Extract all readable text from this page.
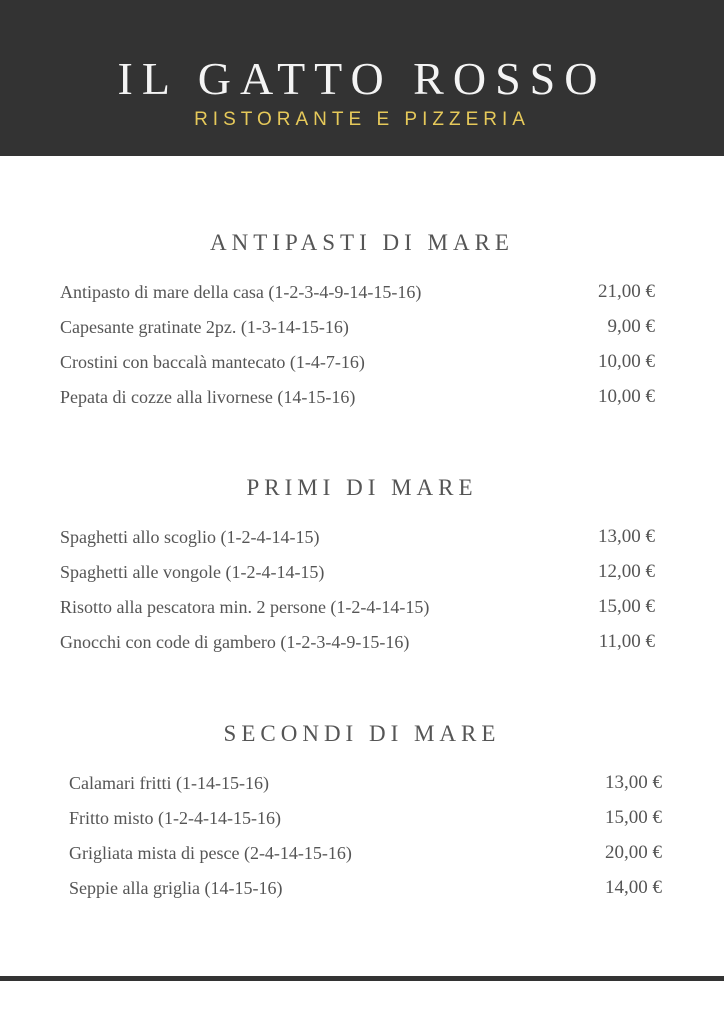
IL GATTO ROSSO
RISTORANTE E PIZZERIA
ANTIPASTI DI MARE
Antipasto di mare della casa (1-2-3-4-9-14-15-16)	21,00 €
Capesante gratinate 2pz. (1-3-14-15-16)	9,00 €
Crostini con baccalà mantecato (1-4-7-16)	10,00 €
Pepata di cozze alla livornese (14-15-16)	10,00 €
PRIMI DI MARE
Spaghetti allo scoglio (1-2-4-14-15)	13,00 €
Spaghetti alle vongole (1-2-4-14-15)	12,00 €
Risotto alla pescatora min. 2 persone (1-2-4-14-15)	15,00 €
Gnocchi con code di gambero (1-2-3-4-9-15-16)	11,00 €
SECONDI DI MARE
Calamari fritti (1-14-15-16)	13,00 €
Fritto misto (1-2-4-14-15-16)	15,00 €
Grigliata mista di pesce (2-4-14-15-16)	20,00 €
Seppie alla griglia (14-15-16)	14,00 €
